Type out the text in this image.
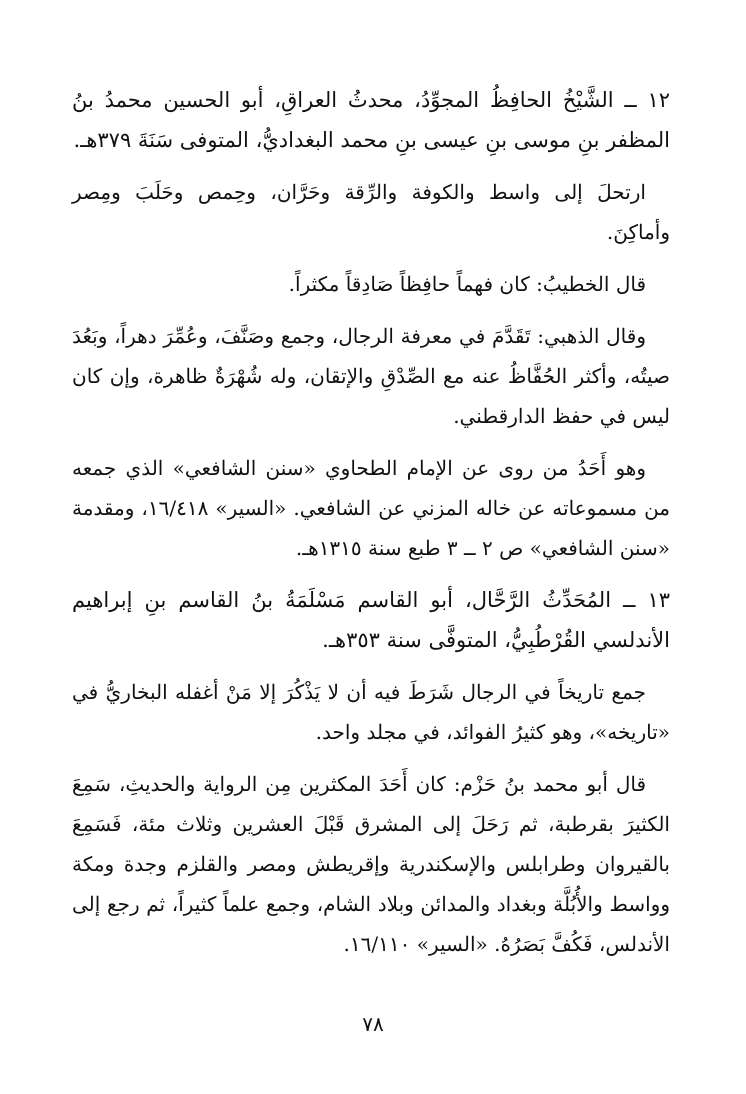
١٢ ــ الشَّيْخُ الحافِظُ المجوِّدُ، محدثُ العراقِ، أبو الحسين محمدُ بنُ المظفر بنِ موسى بنِ عيسى بنِ محمد البغداديُّ، المتوفى سَنَةَ ٣٧٩هـ.

ارتحلَ إلى واسط والكوفة والرِّقة وحَرَّان، وحِمص وحَلَبَ ومِصر وأماكِنَ.

قال الخطيبُ: كان فهماً حافِظاً صَادِقاً مكثراً.

وقال الذهبي: تَقَدَّمَ في معرفة الرجال، وجمع وصَنَّفَ، وعُمِّرَ دهراً، وبَعُدَ صيتُه، وأكثر الحُفَّاظُ عنه مع الصِّدْقِ والإتقان، وله شُهْرَةٌ ظاهرة، وإن كان ليس في حفظ الدارقطني.

وهو أَحَدُ من روى عن الإمام الطحاوي «سنن الشافعي» الذي جمعه من مسموعاته عن خاله المزني عن الشافعي. «السير» ١٦/٤١٨، ومقدمة «سنن الشافعي» ص ٢ ــ ٣ طبع سنة ١٣١٥هـ.

١٣ ــ المُحَدِّثُ الرَّحَّال، أبو القاسم مَسْلَمَةُ بنُ القاسم بنِ إبراهيم الأندلسي القُرْطُبِيُّ، المتوفَّى سنة ٣٥٣هـ.

جمع تاريخاً في الرجال شَرَطَ فيه أن لا يَذْكُرَ إلا مَنْ أغفله البخاريُّ في «تاريخه»، وهو كثيرُ الفوائد، في مجلد واحد.

قال أبو محمد بنُ حَزْم: كان أَحَدَ المكثرين مِن الرواية والحديثِ، سَمِعَ الكثيرَ بقرطبة، ثم رَحَلَ إلى المشرق قَبْلَ العشرين وثلاث مئة، فَسَمِعَ بالقيروان وطرابلس والإسكندرية وإقريطش ومصر والقلزم وجدة ومكة وواسط والأُبُلَّة وبغداد والمدائن وبلاد الشام، وجمع علماً كثيراً، ثم رجع إلى الأندلس، فَكُفَّ بَصَرُهُ. «السير» ١٦/١١٠.

٧٨
